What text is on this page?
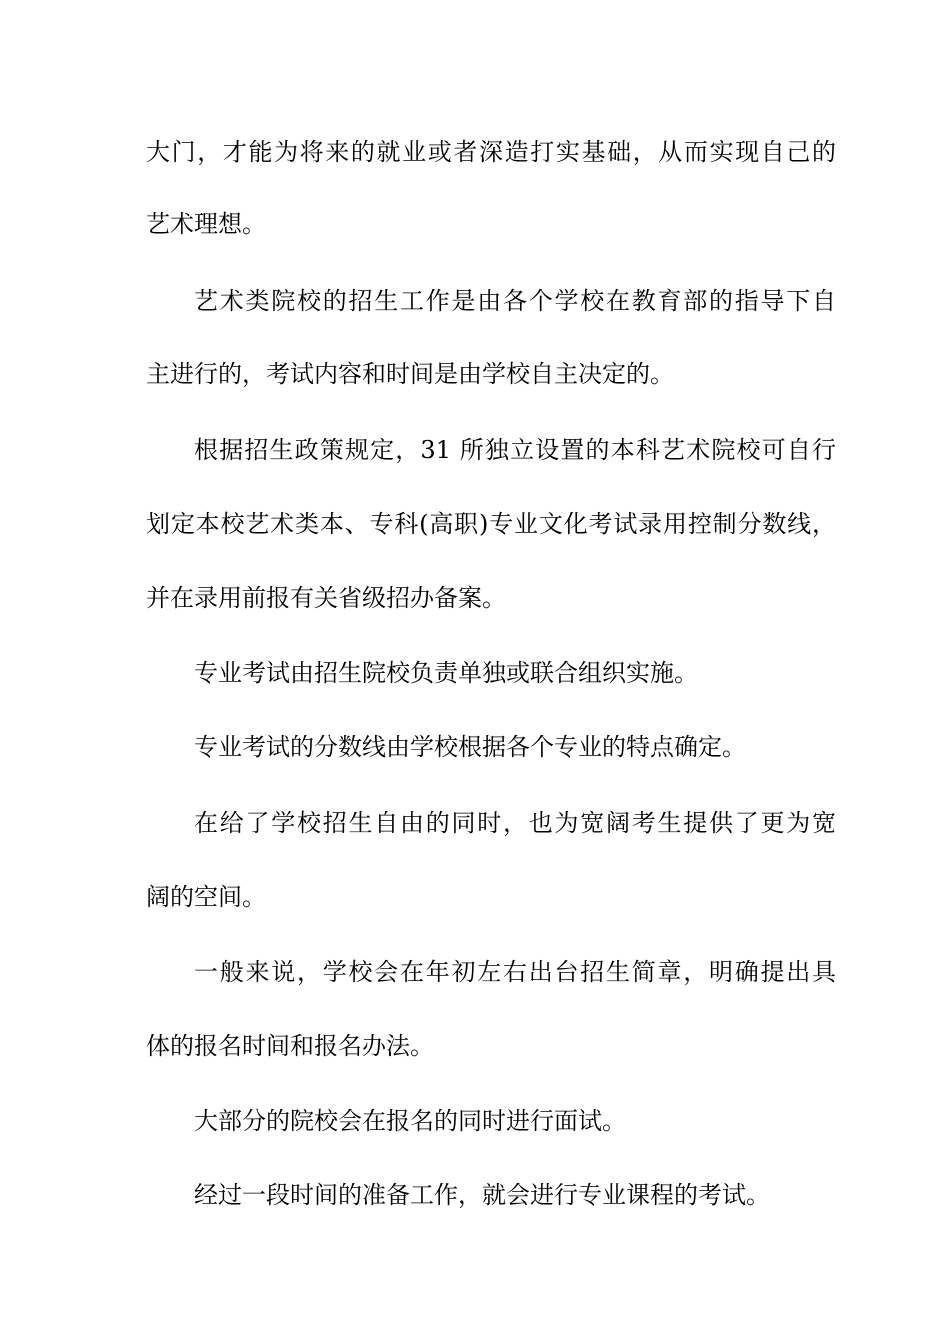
大门，才能为将来的就业或者深造打实基础，从而实现自己的
艺术理想。
艺术类院校的招生工作是由各个学校在教育部的指导下自
主进行的，考试内容和时间是由学校自主决定的。
根据招生政策规定，31 所独立设置的本科艺术院校可自行
划定本校艺术类本、专科(高职)专业文化考试录用控制分数线，
并在录用前报有关省级招办备案。
专业考试由招生院校负责单独或联合组织实施。
专业考试的分数线由学校根据各个专业的特点确定。
在给了学校招生自由的同时，也为宽阔考生提供了更为宽
阔的空间。
一般来说，学校会在年初左右出台招生简章，明确提出具
体的报名时间和报名办法。
大部分的院校会在报名的同时进行面试。
经过一段时间的准备工作，就会进行专业课程的考试。
